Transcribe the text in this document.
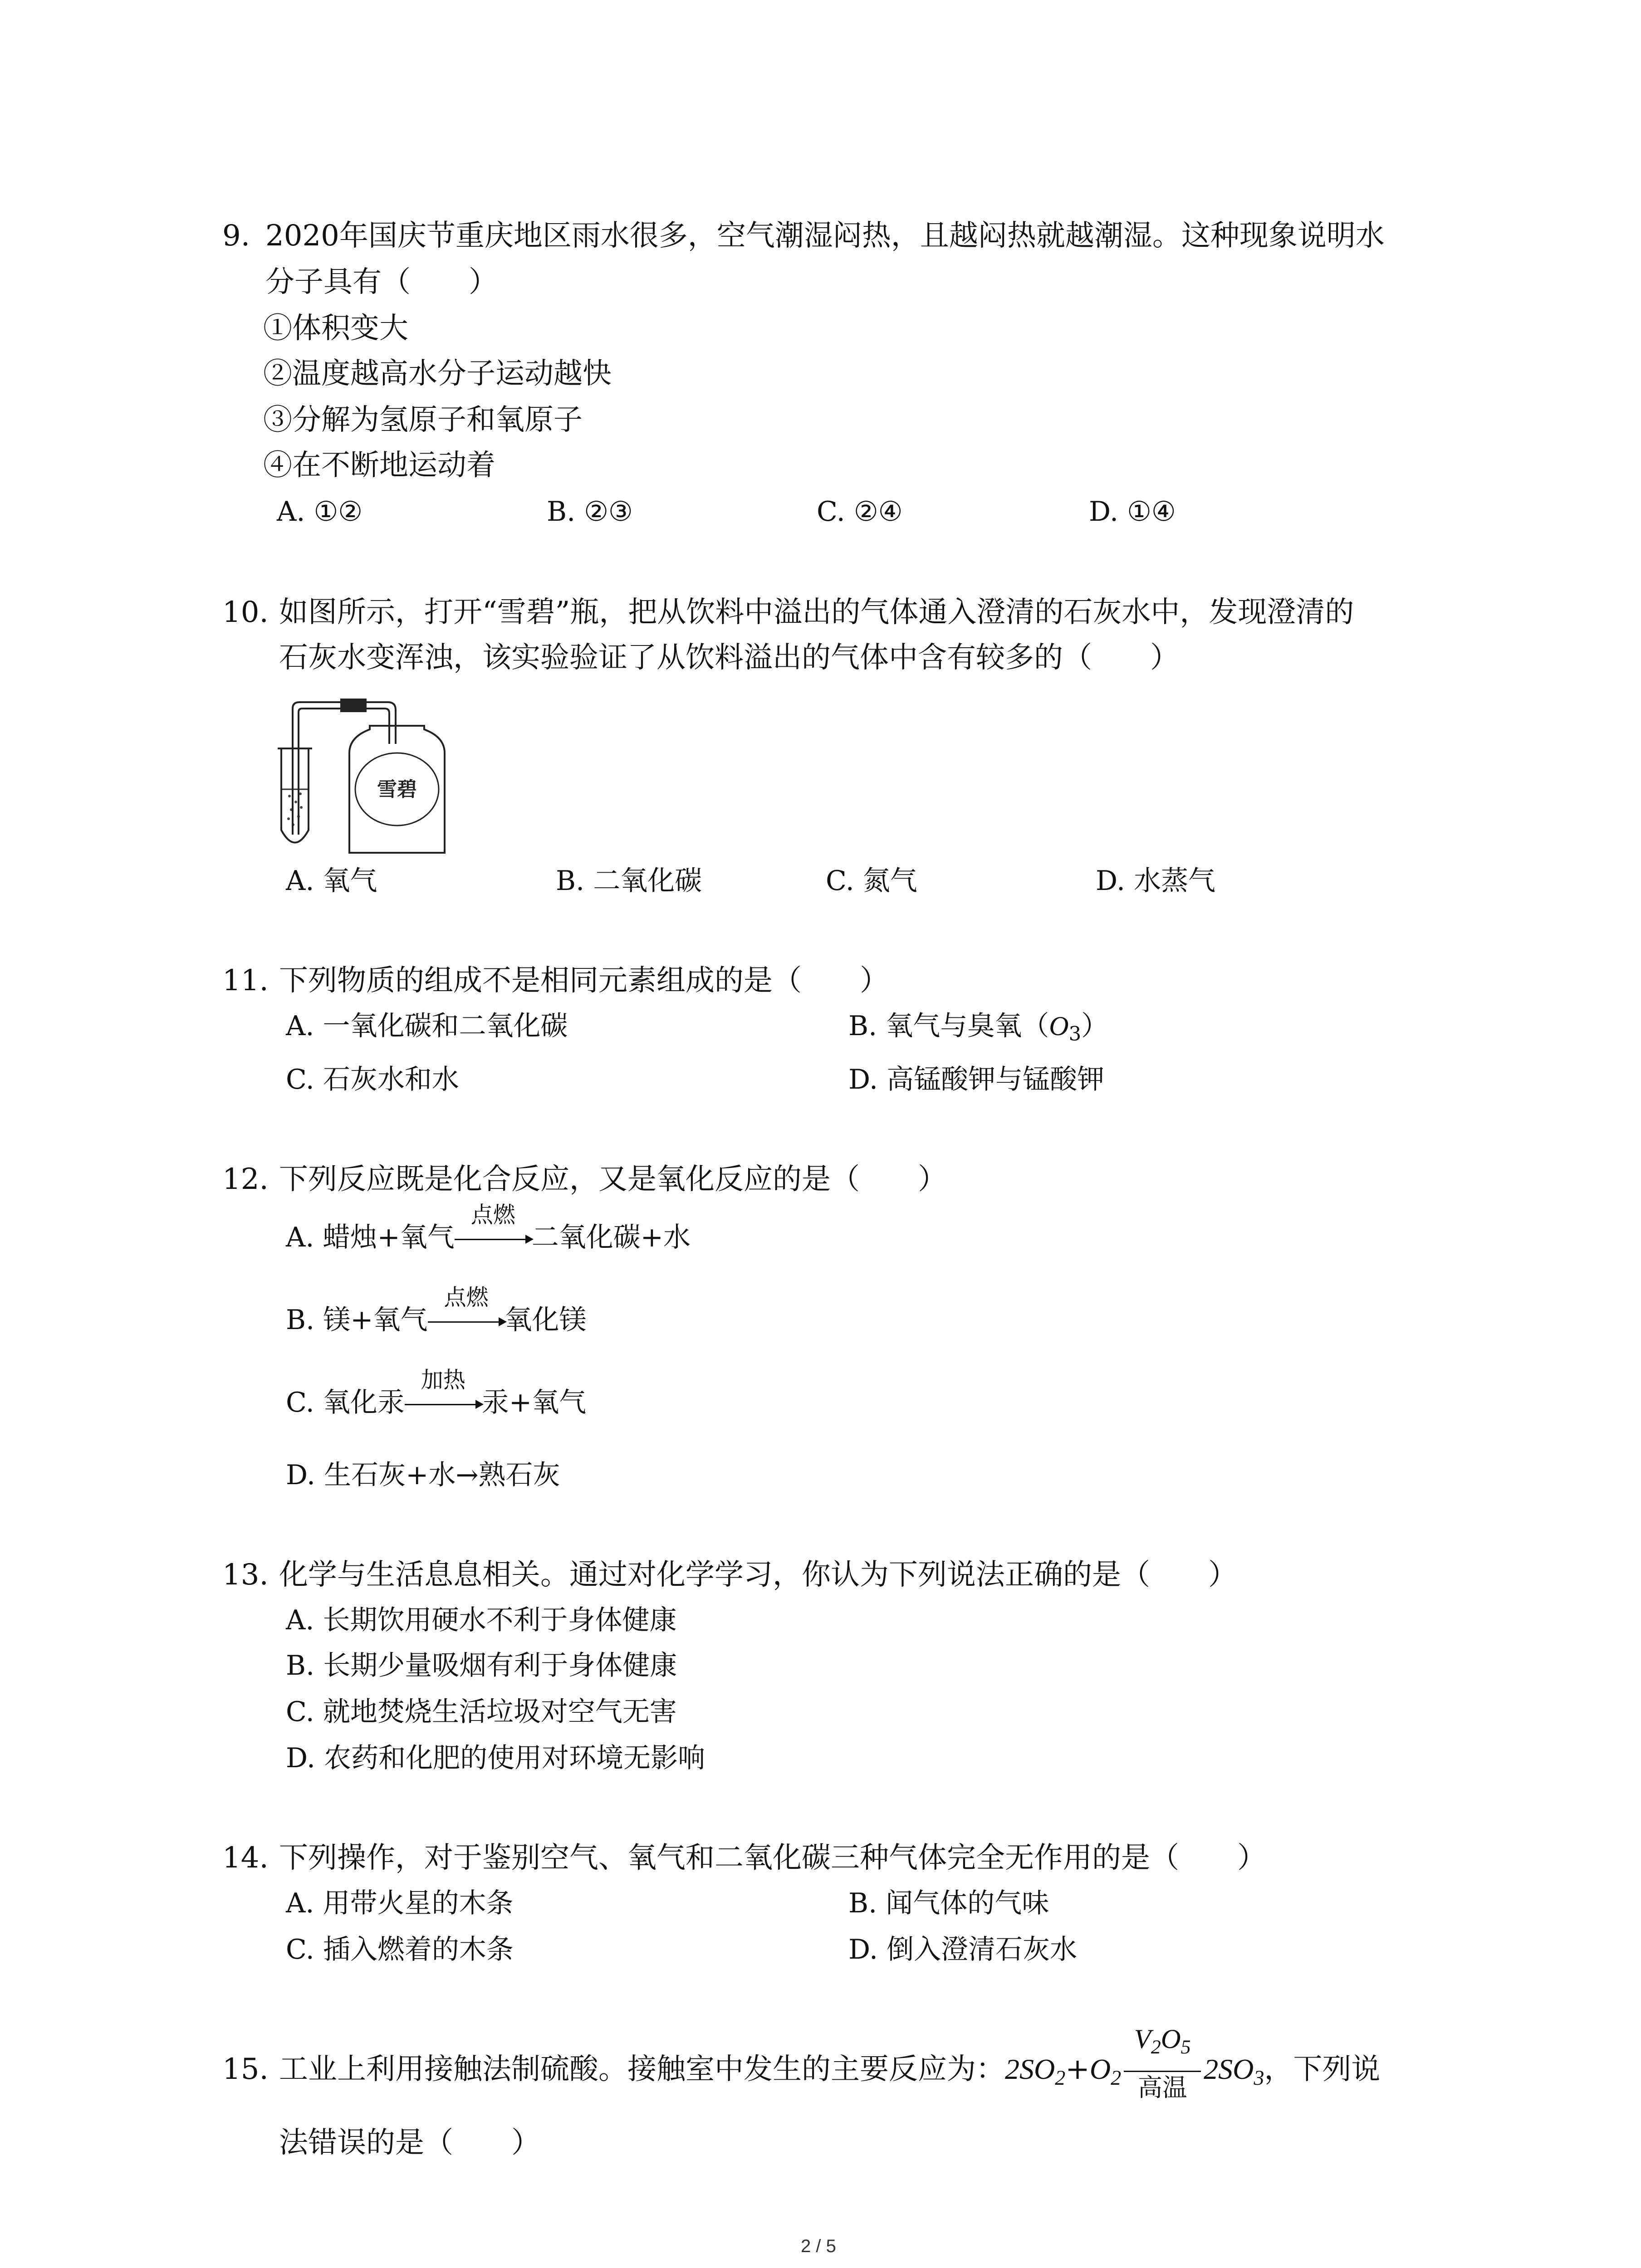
9. 2020年国庆节重庆地区雨水很多，空气潮湿闷热，且越闷热就越潮湿。这种现象说明水
分子具有（　　）
①体积变大
②温度越高水分子运动越快
③分解为氢原子和氧原子
④在不断地运动着
A. ①②	B. ②③	C. ②④	D. ①④
10. 如图所示，打开“雪碧”瓶，把从饮料中溢出的气体通入澄清的石灰水中，发现澄清的
石灰水变浑浊，该实验验证了从饮料溢出的气体中含有较多的（　　）
雪碧
A. 氧气	B. 二氧化碳	C. 氮气	D. 水蒸气
11. 下列物质的组成不是相同元素组成的是（　　）
A. 一氧化碳和二氧化碳	B. 氧气与臭氧$(O_3)$
C. 石灰水和水	D. 高锰酸钾与锰酸钾
12. 下列反应既是化合反应，又是氧化反应的是（　　）
A. 蜡烛+氧气
点燃
二氧化碳+水
B. 镁+氧气
点燃
氧化镁
C. 氧化汞
加热
汞+氧气
D. 生石灰+水→熟石灰
13. 化学与生活息息相关。通过对化学学习，你认为下列说法正确的是（　　）
A. 长期饮用硬水不利于身体健康
B. 长期少量吸烟有利于身体健康
C. 就地焚烧生活垃圾对空气无害
D. 农药和化肥的使用对环境无影响
14. 下列操作，对于鉴别空气、氧气和二氧化碳三种气体完全无作用的是（　　）
A. 用带火星的木条	B. 闻气体的气味
C. 插入燃着的木条	D. 倒入澄清石灰水
15. 工业上利用接触法制硫酸。接触室中发生的主要反应为：$2SO_2+O_2$
$V_2O_5$
高温
$2SO_3$，下列说
法错误的是（　　）
2 / 5
